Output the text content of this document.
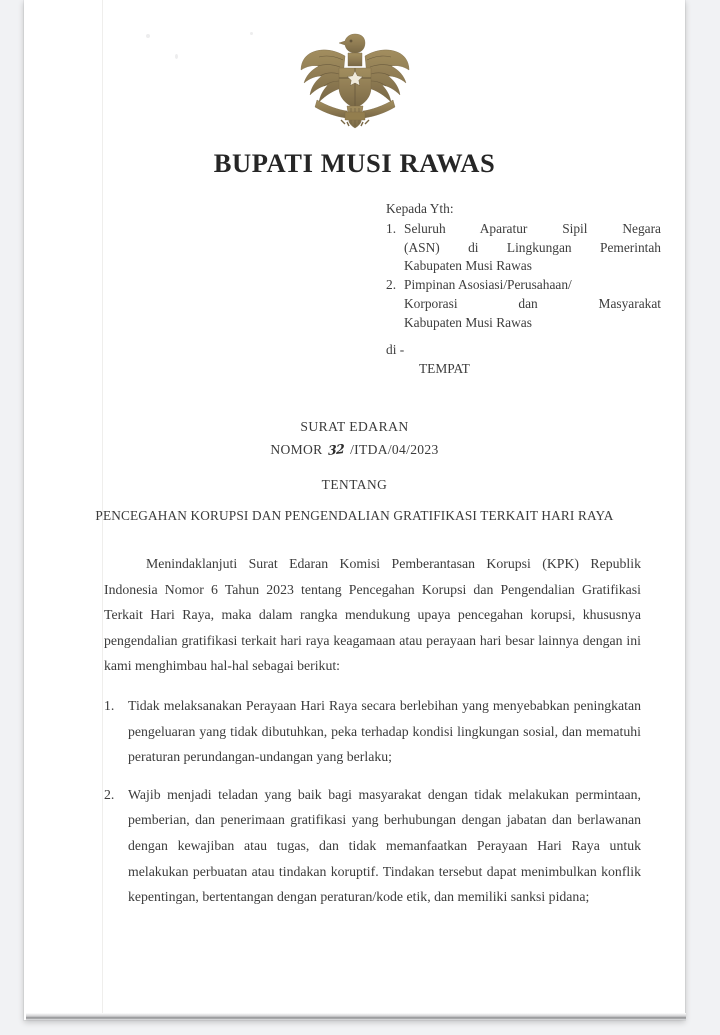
BUPATI MUSI RAWAS
Kepada Yth:
1. Seluruh Aparatur Sipil Negara
(ASN) di Lingkungan Pemerintah
Kabupaten Musi Rawas
2. Pimpinan Asosiasi/Perusahaan/
Korporasi dan Masyarakat
Kabupaten Musi Rawas
di -
TEMPAT
SURAT EDARAN
NOMOR 32 /ITDA/04/2023
TENTANG
PENCEGAHAN KORUPSI DAN PENGENDALIAN GRATIFIKASI TERKAIT HARI RAYA

Menindaklanjuti Surat Edaran Komisi Pemberantasan Korupsi (KPK) Republik Indonesia Nomor 6 Tahun 2023 tentang Pencegahan Korupsi dan Pengendalian Gratifikasi Terkait Hari Raya, maka dalam rangka mendukung upaya pencegahan korupsi, khususnya pengendalian gratifikasi terkait hari raya keagamaan atau perayaan hari besar lainnya dengan ini kami menghimbau hal-hal sebagai berikut:

1. Tidak melaksanakan Perayaan Hari Raya secara berlebihan yang menyebabkan peningkatan pengeluaran yang tidak dibutuhkan, peka terhadap kondisi lingkungan sosial, dan mematuhi peraturan perundangan-undangan yang berlaku;
2. Wajib menjadi teladan yang baik bagi masyarakat dengan tidak melakukan permintaan, pemberian, dan penerimaan gratifikasi yang berhubungan dengan jabatan dan berlawanan dengan kewajiban atau tugas, dan tidak memanfaatkan Perayaan Hari Raya untuk melakukan perbuatan atau tindakan koruptif. Tindakan tersebut dapat menimbulkan konflik kepentingan, bertentangan dengan peraturan/kode etik, dan memiliki sanksi pidana;
